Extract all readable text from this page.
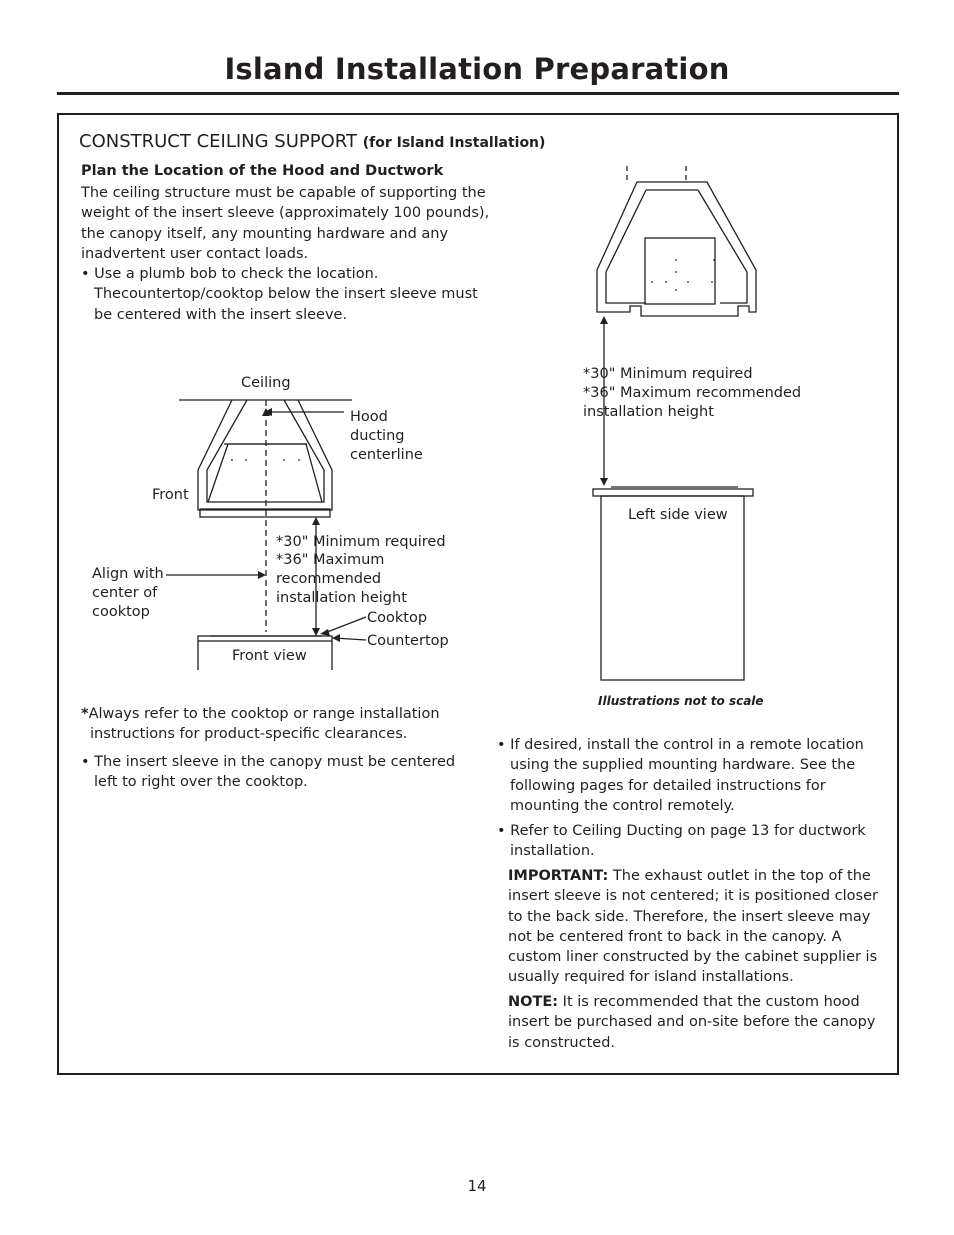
Island Installation Preparation
CONSTRUCT CEILING SUPPORT (for Island Installation)
Plan the Location of the Hood and Ductwork
The ceiling structure must be capable of supporting the weight of the insert sleeve (approximately 100 pounds), the canopy itself, any mounting hardware and any inadvertent user contact loads.
• Use a plumb bob to check the location. Thecountertop/cooktop below the insert sleeve must be centered with the insert sleeve.
Ceiling
Hood
ducting
centerline
Front
*30" Minimum required
*36" Maximum
recommended
installation height
Align with
center of
cooktop	Cooktop
Countertop
Front view
*30" Minimum required
*36" Maximum recommended
installation height
Left side view
Illustrations not to scale
*Always refer to the cooktop or range installation instructions for product-specific clearances.
• The insert sleeve in the canopy must be centered left to right over the cooktop.
• If desired, install the control in a remote location using the supplied mounting hardware. See the following pages for detailed instructions for mounting the control remotely.
• Refer to Ceiling Ducting on page 13 for ductwork installation.
IMPORTANT: The exhaust outlet in the top of the insert sleeve is not centered; it is positioned closer to the back side. Therefore, the insert sleeve may not be centered front to back in the canopy. A custom liner constructed by the cabinet supplier is usually required for island installations.
NOTE: It is recommended that the custom hood insert be purchased and on-site before the canopy is constructed.
14
